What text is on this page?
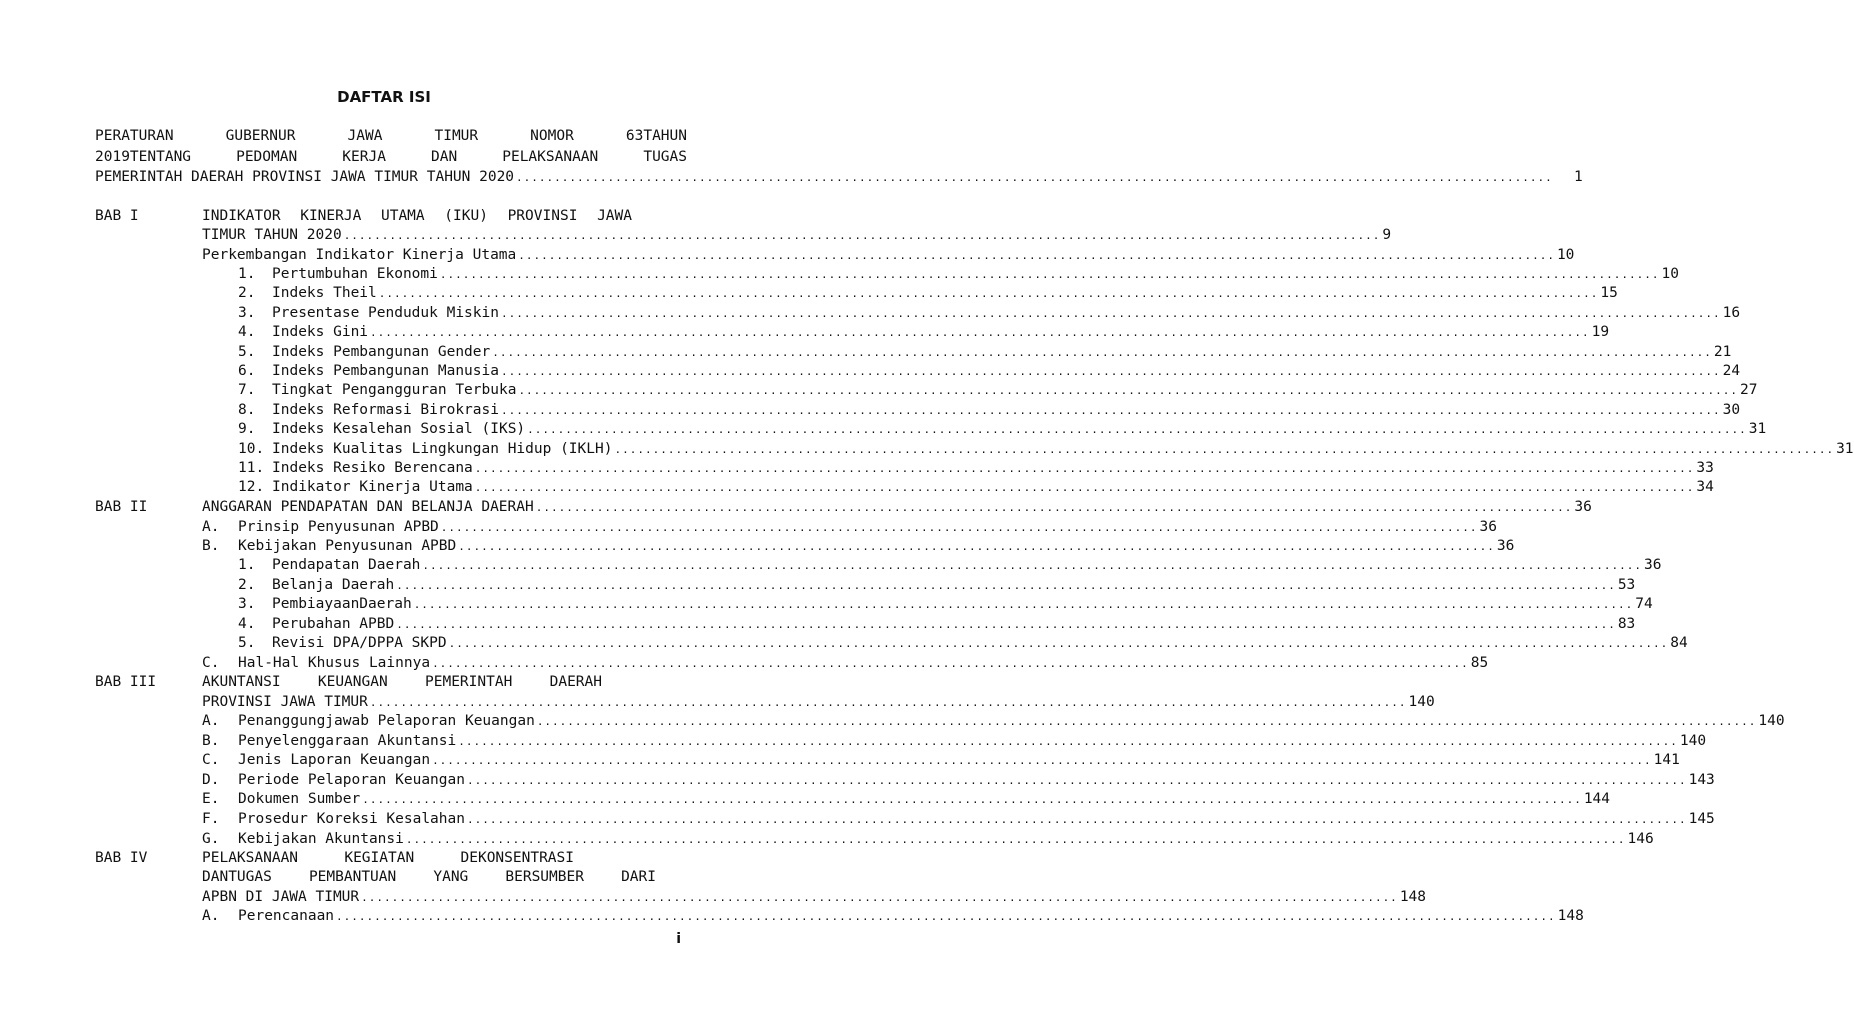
DAFTAR ISI
PERATURAN GUBERNUR JAWA TIMUR NOMOR 63TAHUN
2019TENTANG PEDOMAN KERJA DAN PELAKSANAAN TUGAS
PEMERINTAH DAERAH PROVINSI JAWA TIMUR TAHUN 2020 ........................................................................................................................................	1
BAB I	INDIKATOR KINERJA UTAMA (IKU) PROVINSI JAWA
TIMUR TAHUN 2020 ........................................................................................................................................ 9
Perkembangan Indikator Kinerja Utama ........................................................................................................................................ 10
1.	Pertumbuhan Ekonomi ................................................................................................................................................................ 10
2.	Indeks Theil ................................................................................................................................................................ 15
3.	Presentase Penduduk Miskin ................................................................................................................................................................ 16
4.	Indeks Gini ................................................................................................................................................................ 19
5.	Indeks Pembangunan Gender ................................................................................................................................................................ 21
6.	Indeks Pembangunan Manusia ................................................................................................................................................................ 24
7.	Tingkat Pengangguran Terbuka ................................................................................................................................................................ 27
8.	Indeks Reformasi Birokrasi ................................................................................................................................................................ 30
9.	Indeks Kesalehan Sosial (IKS) ................................................................................................................................................................ 31
10. Indeks Kualitas Lingkungan Hidup (IKLH) ................................................................................................................................................................ 31
11. Indeks Resiko Berencana ................................................................................................................................................................ 33
12. Indikator Kinerja Utama ................................................................................................................................................................ 34
BAB II	ANGGARAN PENDAPATAN DAN BELANJA DAERAH ........................................................................................................................................ 36
A.	Prinsip Penyusunan APBD ........................................................................................................................................ 36
B.	Kebijakan Penyusunan APBD ........................................................................................................................................ 36
1.	Pendapatan Daerah ................................................................................................................................................................ 36
2.	Belanja Daerah ................................................................................................................................................................ 53
3.	PembiayaanDaerah ................................................................................................................................................................ 74
4.	Perubahan APBD ................................................................................................................................................................ 83
5.	Revisi DPA/DPPA SKPD ................................................................................................................................................................ 84
C.	Hal-Hal Khusus Lainnya ........................................................................................................................................ 85
BAB III	AKUNTANSI KEUANGAN PEMERINTAH DAERAH
PROVINSI JAWA TIMUR ........................................................................................................................................ 140
A.	Penanggungjawab Pelaporan Keuangan ................................................................................................................................................................ 140
B.	Penyelenggaraan Akuntansi ................................................................................................................................................................ 140
C.	Jenis Laporan Keuangan ................................................................................................................................................................ 141
D.	Periode Pelaporan Keuangan ................................................................................................................................................................ 143
E.	Dokumen Sumber ................................................................................................................................................................ 144
F.	Prosedur Koreksi Kesalahan ................................................................................................................................................................ 145
G.	Kebijakan Akuntansi ................................................................................................................................................................ 146
BAB IV	PELAKSANAAN KEGIATAN DEKONSENTRASI
DANTUGAS PEMBANTUAN YANG BERSUMBER DARI
APBN DI JAWA TIMUR ........................................................................................................................................ 148
A.	Perencanaan ................................................................................................................................................................ 148
i
